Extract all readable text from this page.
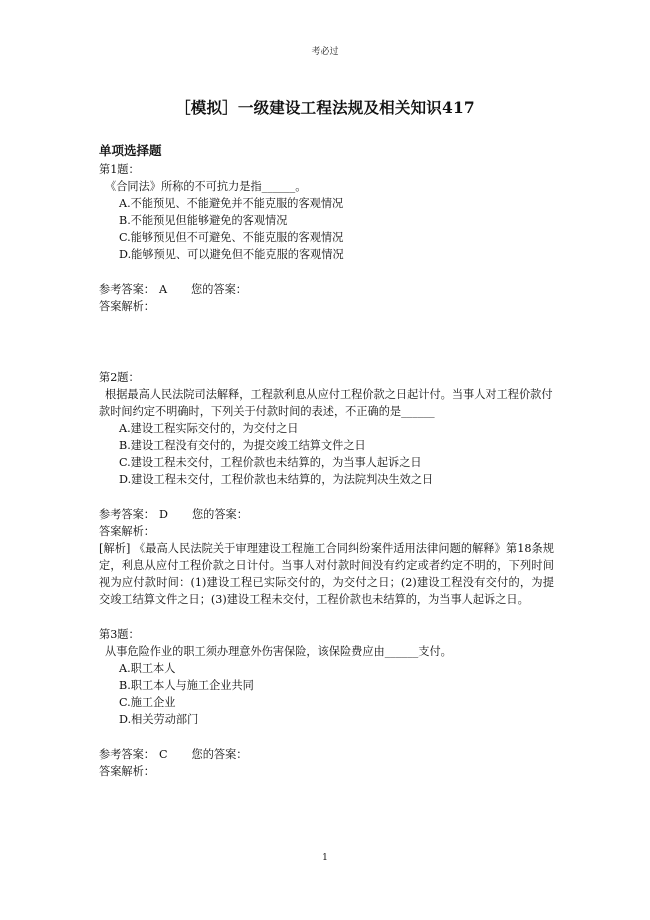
考必过
［模拟］一级建设工程法规及相关知识417
单项选择题
第1题：
《合同法》所称的不可抗力是指______。
A.不能预见、不能避免并不能克服的客观情况
B.不能预见但能够避免的客观情况
C.能够预见但不可避免、不能克服的客观情况
D.能够预见、可以避免但不能克服的客观情况
参考答案： A 您的答案：
答案解析：
第2题：
根据最高人民法院司法解释，工程款利息从应付工程价款之日起计付。当事人对工程价款付款时间约定不明确时，下列关于付款时间的表述，不正确的是______
A.建设工程实际交付的，为交付之日
B.建设工程没有交付的，为提交竣工结算文件之日
C.建设工程未交付，工程价款也未结算的，为当事人起诉之日
D.建设工程未交付，工程价款也未结算的，为法院判决生效之日
参考答案： D 您的答案：
答案解析：
[解析] 《最高人民法院关于审理建设工程施工合同纠纷案件适用法律问题的解释》第18条规定，利息从应付工程价款之日计付。当事人对付款时间没有约定或者约定不明的，下列时间视为应付款时间：(1)建设工程已实际交付的，为交付之日；(2)建设工程没有交付的，为提交竣工结算文件之日；(3)建设工程未交付，工程价款也未结算的，为当事人起诉之日。
第3题：
从事危险作业的职工须办理意外伤害保险，该保险费应由______支付。
A.职工本人
B.职工本人与施工企业共同
C.施工企业
D.相关劳动部门
参考答案： C 您的答案：
答案解析：
1
